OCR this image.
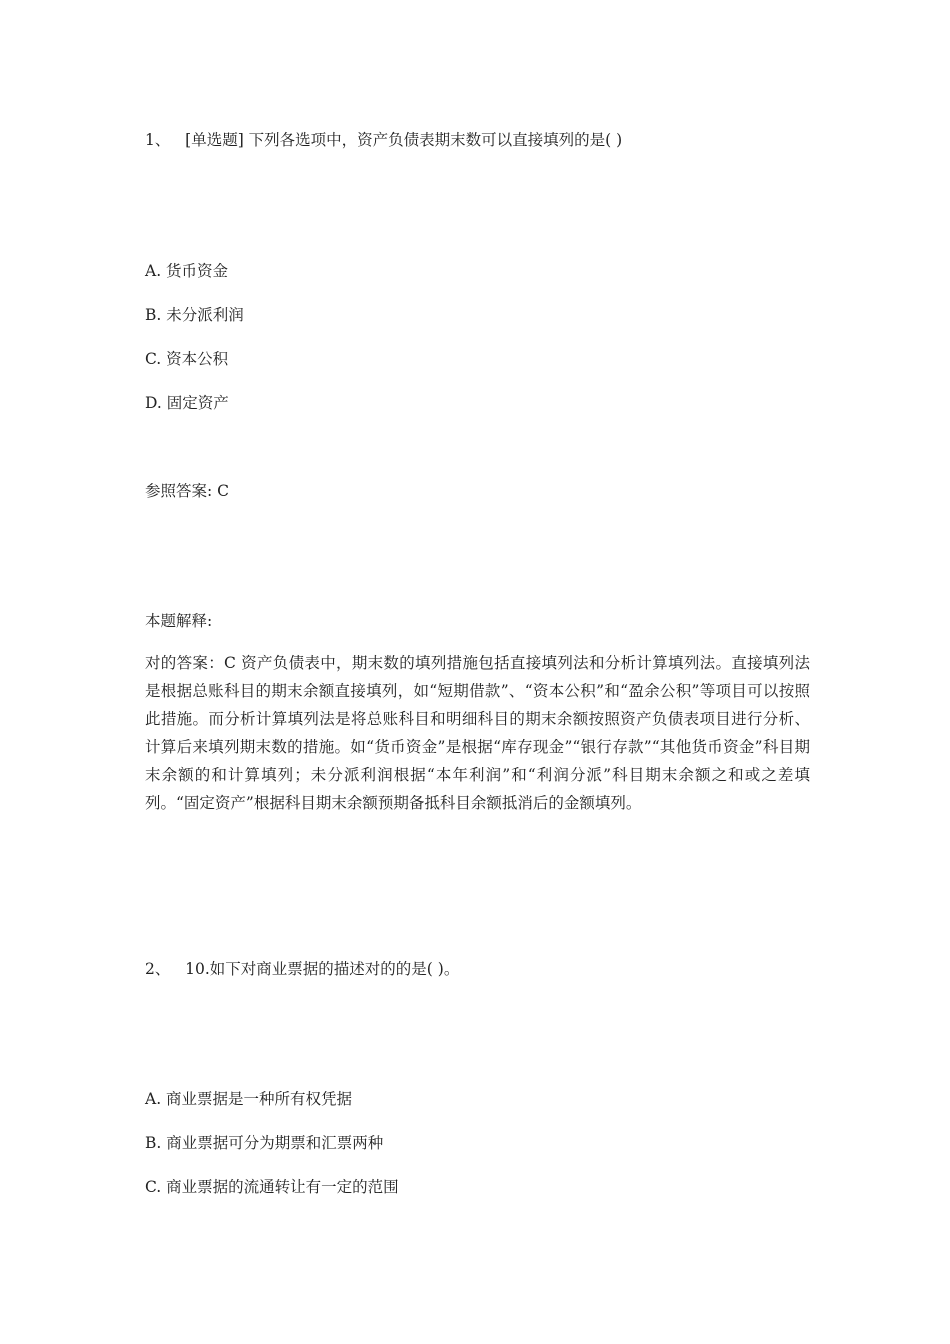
1、 [单选题] 下列各选项中，资产负债表期末数可以直接填列的是( )
A. 货币资金
B. 未分派利润
C. 资本公积
D. 固定资产
参照答案: C
本题解释:
对的答案：C 资产负债表中，期末数的填列措施包括直接填列法和分析计算填列法。直接填列法是根据总账科目的期末余额直接填列，如“短期借款”、“资本公积”和“盈余公积”等项目可以按照此措施。而分析计算填列法是将总账科目和明细科目的期末余额按照资产负债表项目进行分析、计算后来填列期末数的措施。如“货币资金”是根据“库存现金”“银行存款”“其他货币资金”科目期末余额的和计算填列；未分派利润根据“本年利润”和“利润分派”科目期末余额之和或之差填列。“固定资产”根据科目期末余额预期备抵科目余额抵消后的金额填列。
2、 10.如下对商业票据的描述对的的是( )。
A. 商业票据是一种所有权凭据
B. 商业票据可分为期票和汇票两种
C. 商业票据的流通转让有一定的范围
